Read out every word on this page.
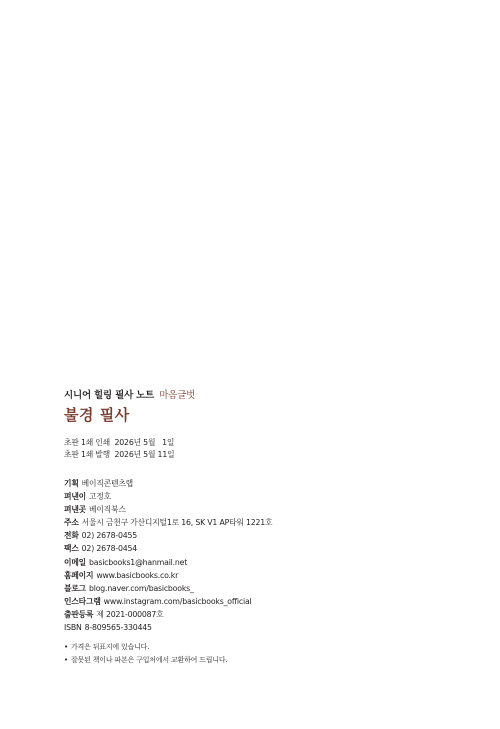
시니어 힐링 필사 노트 마음글벗
불경 필사
초판 1쇄 인쇄  2026년 5월   1일
초판 1쇄 발행  2026년 5월 11일
기획 베이직콘텐츠랩
펴낸이 고정호
펴낸곳 베이직북스
주소 서울시 금천구 가산디지털1로 16, SK V1 AP타워 1221호
전화 02) 2678-0455
팩스 02) 2678-0454
이메일 basicbooks1@hanmail.net
홈페이지 www.basicbooks.co.kr
블로그 blog.naver.com/basicbooks_
인스타그램 www.instagram.com/basicbooks_official
출판등록 제 2021-000087호
ISBN 8-809565-330445
• 가격은 뒤표지에 있습니다.
• 잘못된 책이나 파본은 구입처에서 교환하여 드립니다.
